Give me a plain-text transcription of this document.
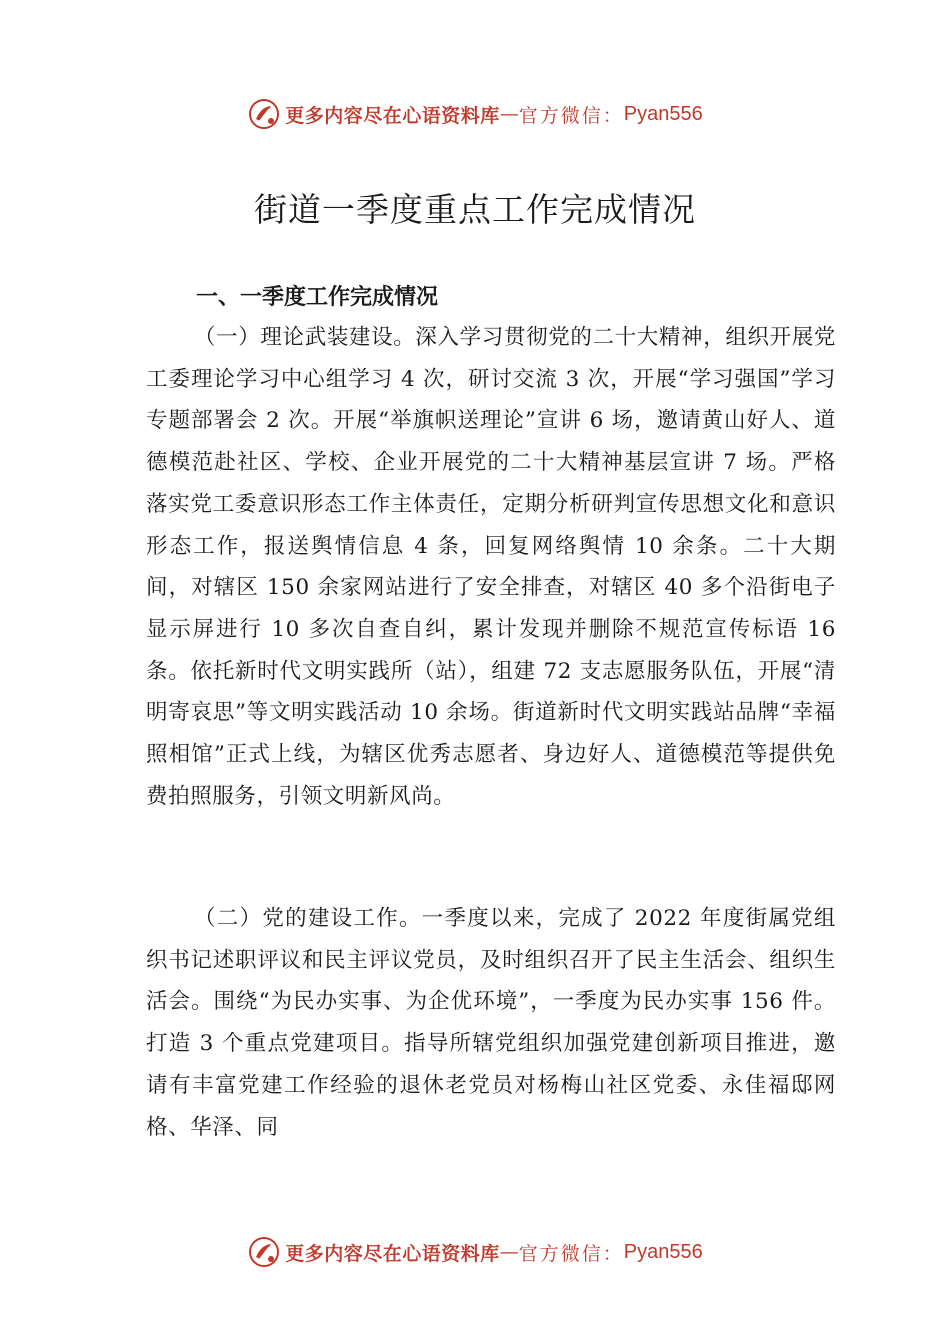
更多内容尽在心语资料库 — 官方微信： Pyan556
街道一季度重点工作完成情况
一、一季度工作完成情况

（一）理论武装建设。深入学习贯彻党的二十大精神，组织开展党工委理论学习中心组学习 4 次，研讨交流 3 次，开展“学习强国”学习专题部署会 2 次。开展“举旗帜送理论”宣讲 6 场，邀请黄山好人、道德模范赴社区、学校、企业开展党的二十大精神基层宣讲 7 场。严格落实党工委意识形态工作主体责任，定期分析研判宣传思想文化和意识形态工作，报送舆情信息 4 条，回复网络舆情 10 余条。二十大期间，对辖区 150 余家网站进行了安全排查，对辖区 40 多个沿街电子显示屏进行 10 多次自查自纠，累计发现并删除不规范宣传标语 16 条。依托新时代文明实践所（站），组建 72 支志愿服务队伍，开展“清明寄哀思”等文明实践活动 10 余场。街道新时代文明实践站品牌“幸福照相馆”正式上线，为辖区优秀志愿者、身边好人、道德模范等提供免费拍照服务，引领文明新风尚。

（二）党的建设工作。一季度以来，完成了 2022 年度街属党组织书记述职评议和民主评议党员，及时组织召开了民主生活会、组织生活会。围绕“为民办实事、为企优环境”，一季度为民办实事 156 件。打造 3 个重点党建项目。指导所辖党组织加强党建创新项目推进，邀请有丰富党建工作经验的退休老党员对杨梅山社区党委、永佳福邸网格、华泽、同

更多内容尽在心语资料库 — 官方微信： Pyan556
